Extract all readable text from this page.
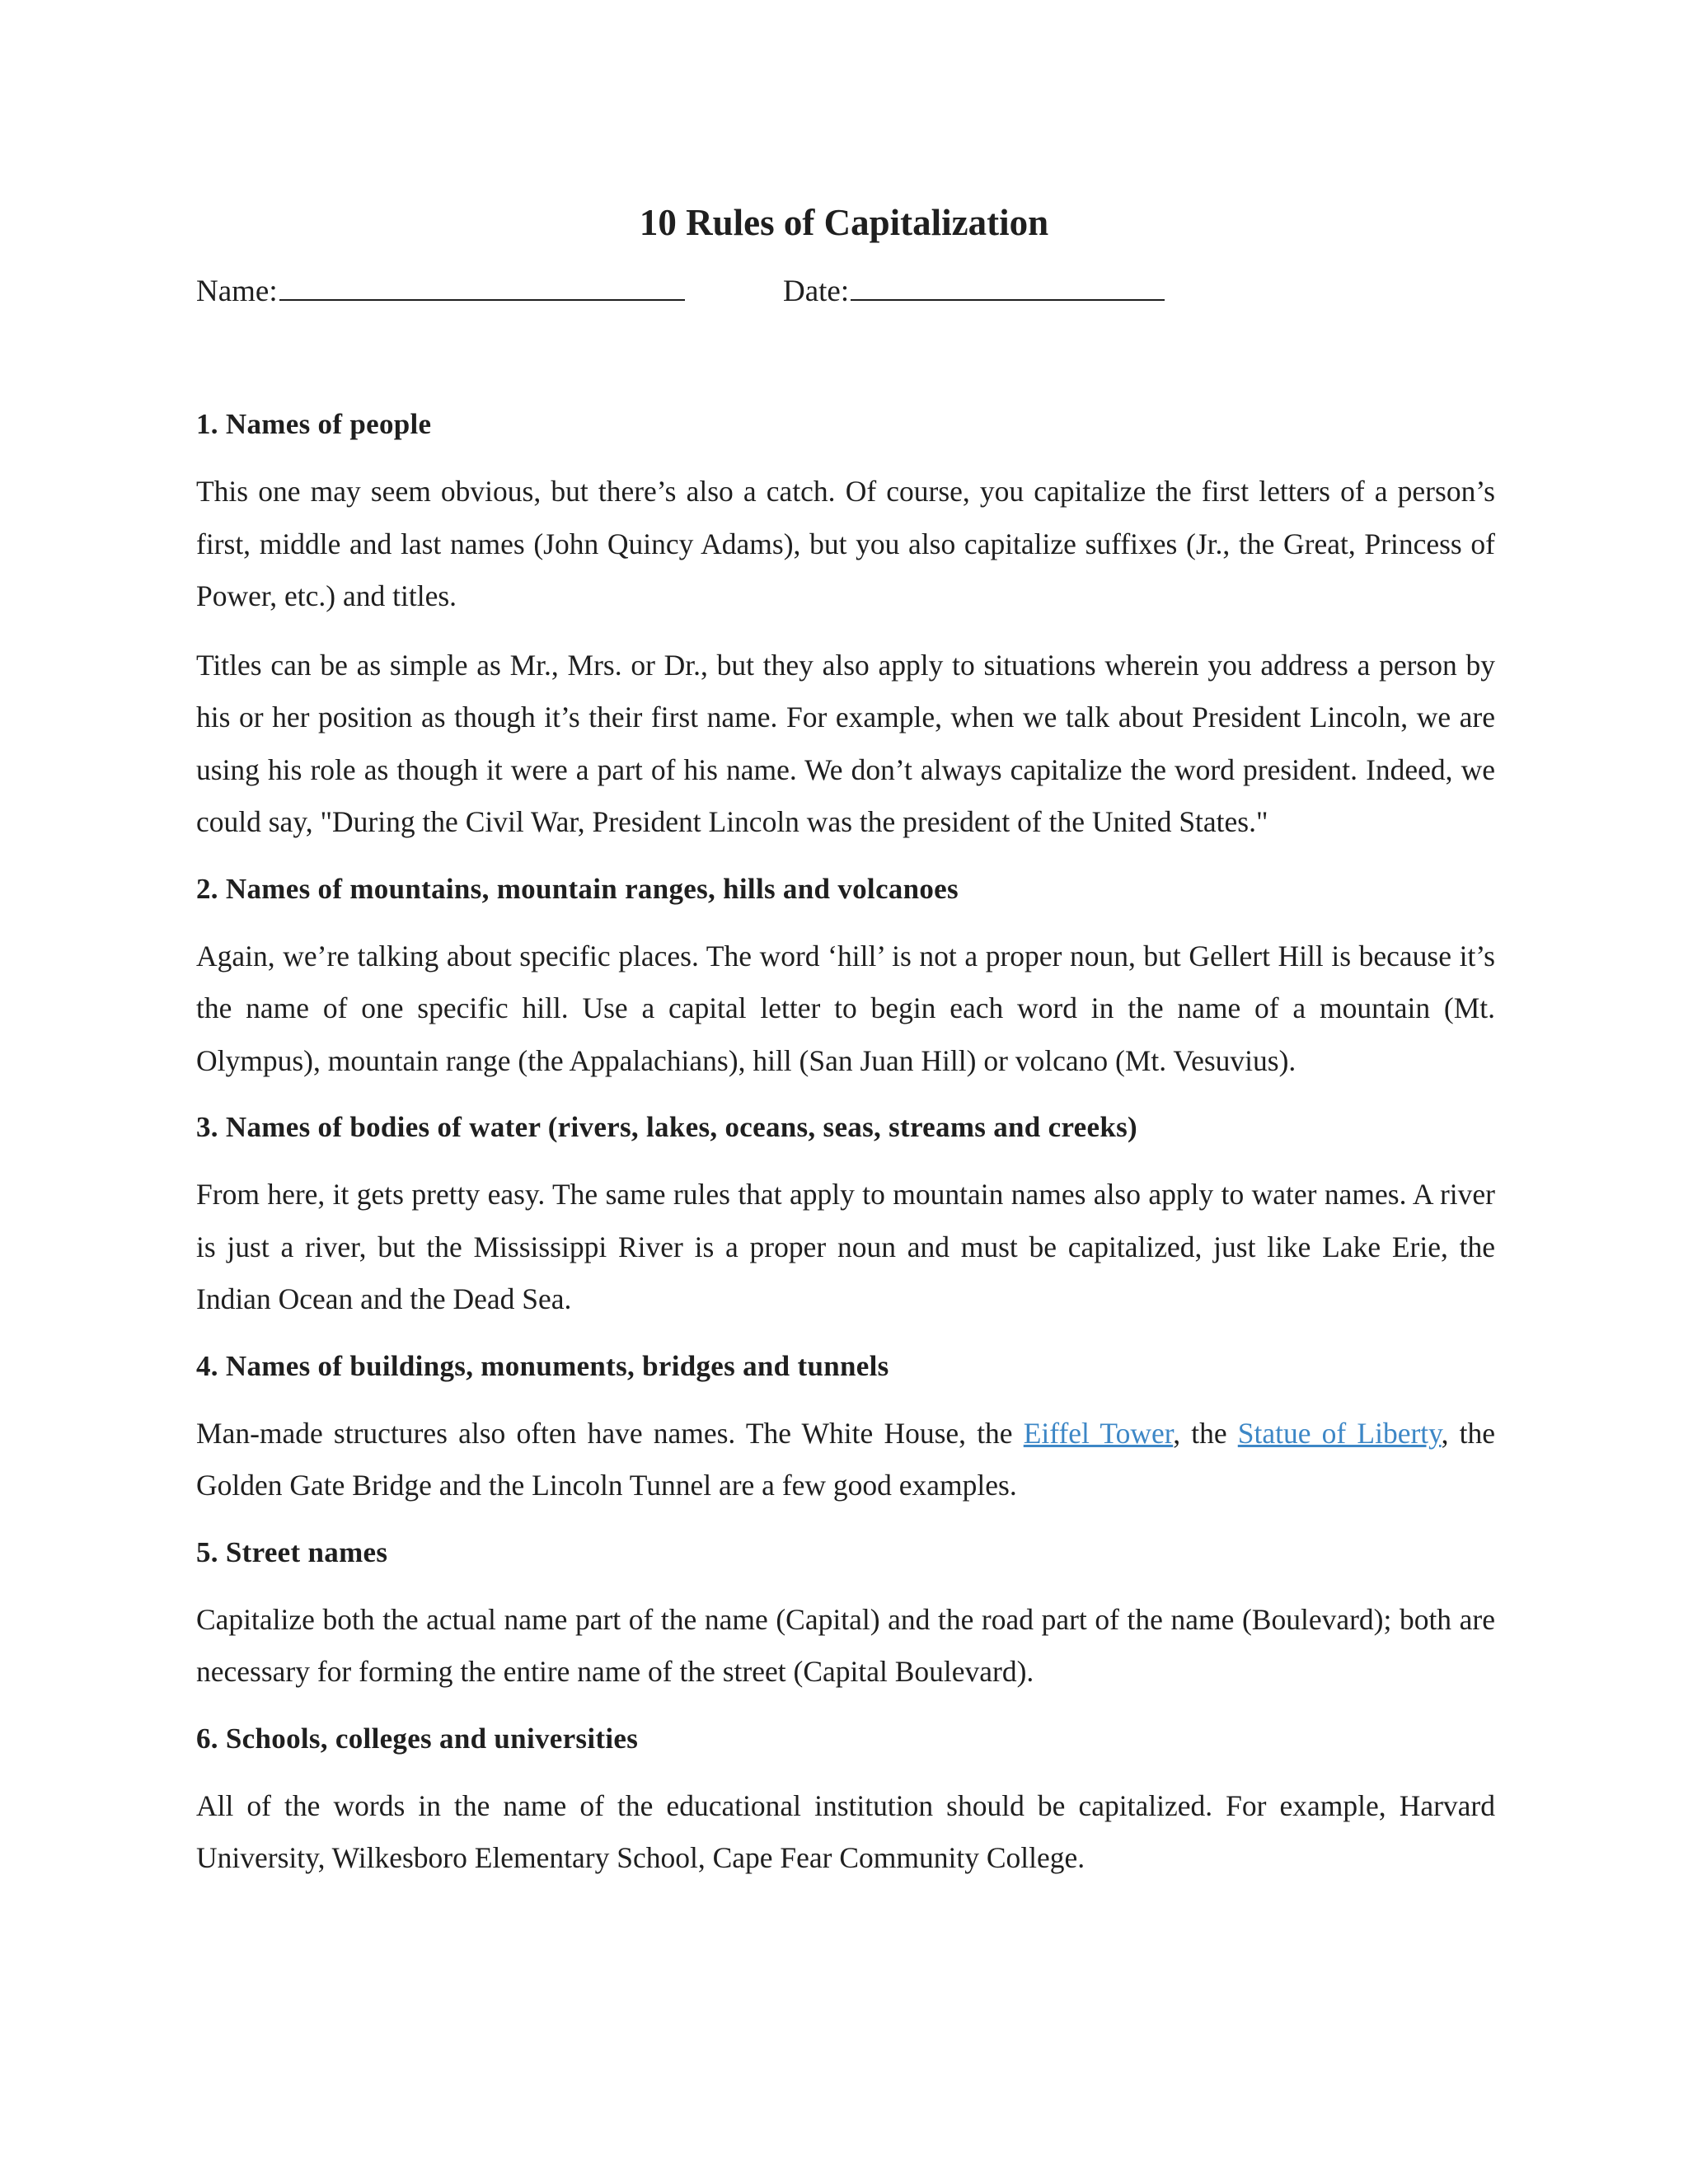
10 Rules of Capitalization
Name:	Date:
1. Names of people

This one may seem obvious, but there’s also a catch. Of course, you capitalize the first letters of a person’s first, middle and last names (John Quincy Adams), but you also capitalize suffixes (Jr., the Great, Princess of Power, etc.) and titles.

Titles can be as simple as Mr., Mrs. or Dr., but they also apply to situations wherein you address a person by his or her position as though it’s their first name. For example, when we talk about President Lincoln, we are using his role as though it were a part of his name. We don’t always capitalize the word president. Indeed, we could say, "During the Civil War, President Lincoln was the president of the United States."

2. Names of mountains, mountain ranges, hills and volcanoes

Again, we’re talking about specific places. The word ‘hill’ is not a proper noun, but Gellert Hill is because it’s the name of one specific hill. Use a capital letter to begin each word in the name of a mountain (Mt. Olympus), mountain range (the Appalachians), hill (San Juan Hill) or volcano (Mt. Vesuvius).

3. Names of bodies of water (rivers, lakes, oceans, seas, streams and creeks)

From here, it gets pretty easy. The same rules that apply to mountain names also apply to water names. A river is just a river, but the Mississippi River is a proper noun and must be capitalized, just like Lake Erie, the Indian Ocean and the Dead Sea.

4. Names of buildings, monuments, bridges and tunnels

Man-made structures also often have names. The White House, the Eiffel Tower, the Statue of Liberty, the Golden Gate Bridge and the Lincoln Tunnel are a few good examples.

5. Street names

Capitalize both the actual name part of the name (Capital) and the road part of the name (Boulevard); both are necessary for forming the entire name of the street (Capital Boulevard).

6. Schools, colleges and universities

All of the words in the name of the educational institution should be capitalized. For example, Harvard University, Wilkesboro Elementary School, Cape Fear Community College.
